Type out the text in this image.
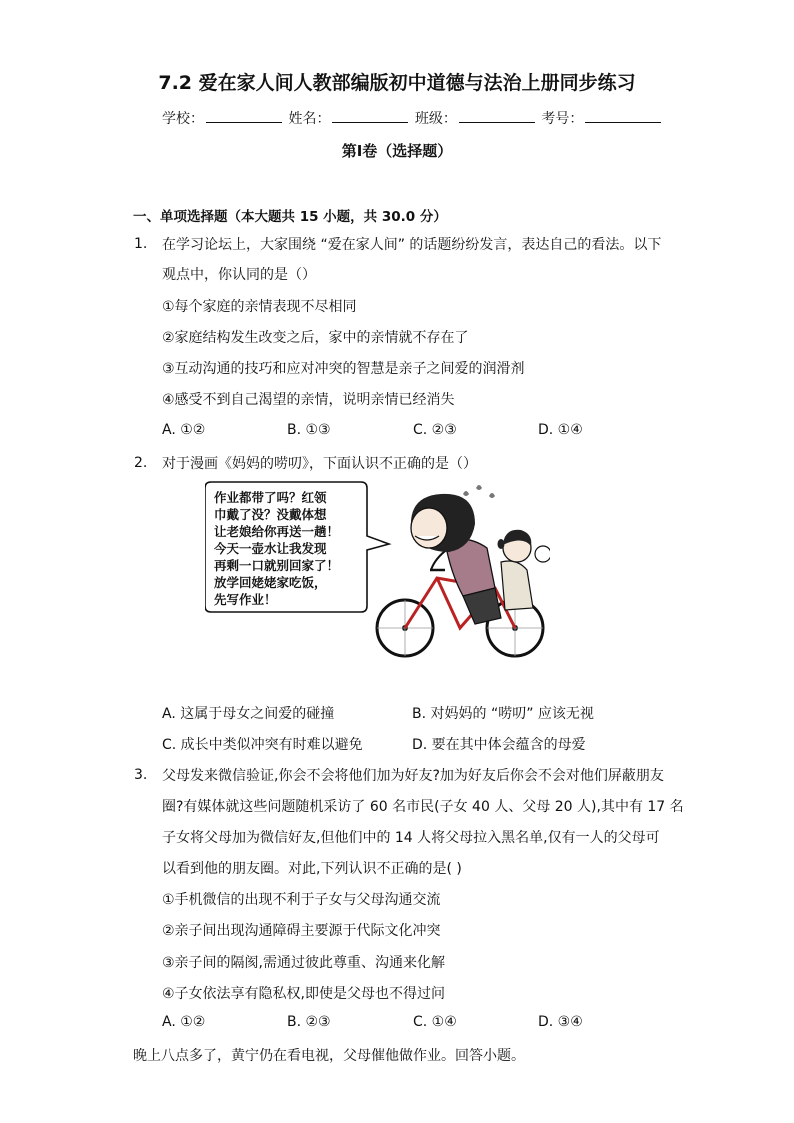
7.2 爱在家人间人教部编版初中道德与法治上册同步练习
学校：	姓名：	班级：	考号：
第Ⅰ卷（选择题）
一、单项选择题（本大题共 15 小题，共 30.0 分）
1. 在学习论坛上，大家围绕 “爱在家人间” 的话题纷纷发言，表达自己的看法。以下
观点中，你认同的是（）
①每个家庭的亲情表现不尽相同
②家庭结构发生改变之后，家中的亲情就不存在了
③互动沟通的技巧和应对冲突的智慧是亲子之间爱的润滑剂
④感受不到自己渴望的亲情，说明亲情已经消失
A. ①②	B. ①③	C. ②③	D. ①④
2. 对于漫画《妈妈的唠叨》，下面认识不正确的是（）
作业都带了吗？红领
巾戴了没？没戴体想
让老娘给你再送一趟！
今天一壶水让我发现
再剩一口就别回家了！
放学回姥姥家吃饭，
先写作业！
A. 这属于母女之间爱的碰撞	B. 对妈妈的 “唠叨” 应该无视
C. 成长中类似冲突有时难以避免	D. 要在其中体会蕴含的母爱
3. 父母发来微信验证,你会不会将他们加为好友?加为好友后你会不会对他们屏蔽朋友
圈?有媒体就这些问题随机采访了 60 名市民(子女 40 人、父母 20 人),其中有 17 名
子女将父母加为微信好友,但他们中的 14 人将父母拉入黑名单,仅有一人的父母可
以看到他的朋友圈。对此,下列认识不正确的是( )
①手机微信的出现不利于子女与父母沟通交流
②亲子间出现沟通障碍主要源于代际文化冲突
③亲子间的隔阂,需通过彼此尊重、沟通来化解
④子女依法享有隐私权,即使是父母也不得过问
A. ①②	B. ②③	C. ①④	D. ③④
晚上八点多了，黄宁仍在看电视，父母催他做作业。回答小题。
